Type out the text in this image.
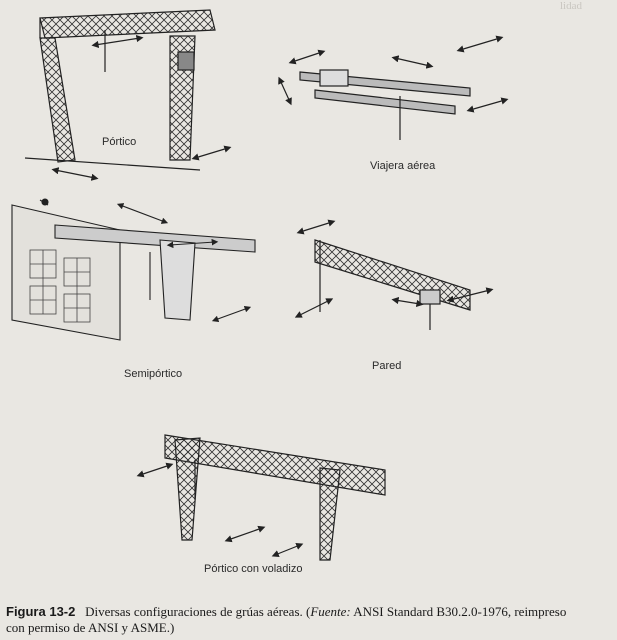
lidad
Pórtico
Viajera aérea
Semipórtico
Pared
Pórtico con voladizo
Figura 13-2 Diversas configuraciones de grúas aéreas. (Fuente: ANSI Standard B30.2.0-1976, reimpreso
con permiso de ANSI y ASME.)
